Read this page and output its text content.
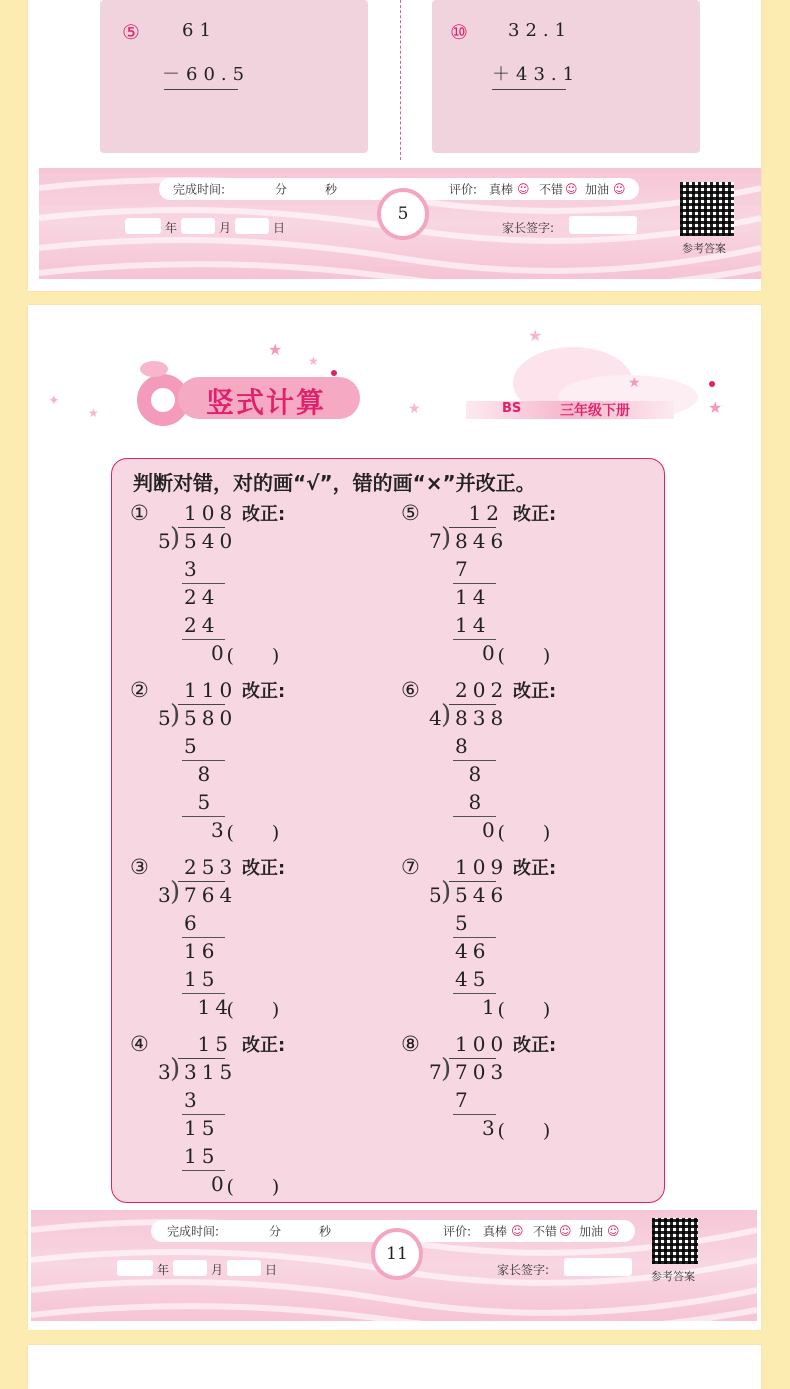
⑤ 61
－60.5
⑩ 32.1
＋43.1
完成时间:	分	秒	评价: 真棒 ☺ 不错 ☺ 加油 ☺
5
年	月	日	家长签字:
参考答案
✦
★
★
★
★
★
★
★
竖式计算	BS	三年级下册
判断对错，对的画“√”，错的画“×”并改正。
完成时间:	分	秒	评价: 真棒 ☺ 不错 ☺ 加油 ☺
11
年	月	日	家长签字:	参考答案
① 108 改正:
5 ) 540
3
24
24
0
(　　)
② 110 改正:
5 ) 580
5
8
5
3
(　　)
③ 253 改正:
3 ) 764
6
16
15
14
(　　)
④ 15 改正:
3 ) 315
3
15
15
0
(　　)
⑤ 12 改正:
7 ) 846
7
14
14
0
(　　)
⑥ 202 改正:
4 ) 838
8
8
8
0
(　　)
⑦ 109 改正:
5 ) 546
5
46
45
1
(　　)
⑧ 100 改正:
7 ) 703
7
3
(　　)
